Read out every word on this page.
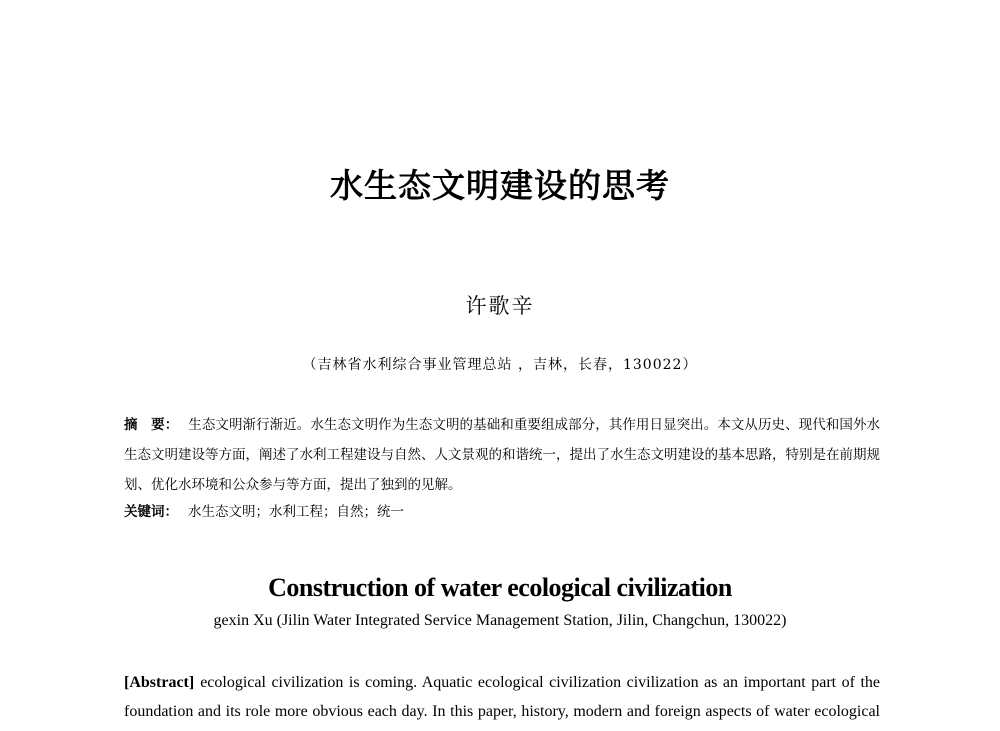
水生态文明建设的思考
许歌辛
（吉林省水利综合事业管理总站 ，吉林，长春，130022）
摘　要： 生态文明渐行渐近。水生态文明作为生态文明的基础和重要组成部分，其作用日显突出。本文从历史、现代和国外水生态文明建设等方面，阐述了水利工程建设与自然、人文景观的和谐统一，提出了水生态文明建设的基本思路，特别是在前期规划、优化水环境和公众参与等方面，提出了独到的见解。
关键词： 水生态文明；水利工程；自然；统一
Construction of water ecological civilization
gexin Xu (Jilin Water Integrated Service Management Station, Jilin, Changchun, 130022)
[Abstract] ecological civilization is coming. Aquatic ecological civilization civilization as an important part of the foundation and its role more obvious each day. In this paper, history, modern and foreign aspects of water ecological
